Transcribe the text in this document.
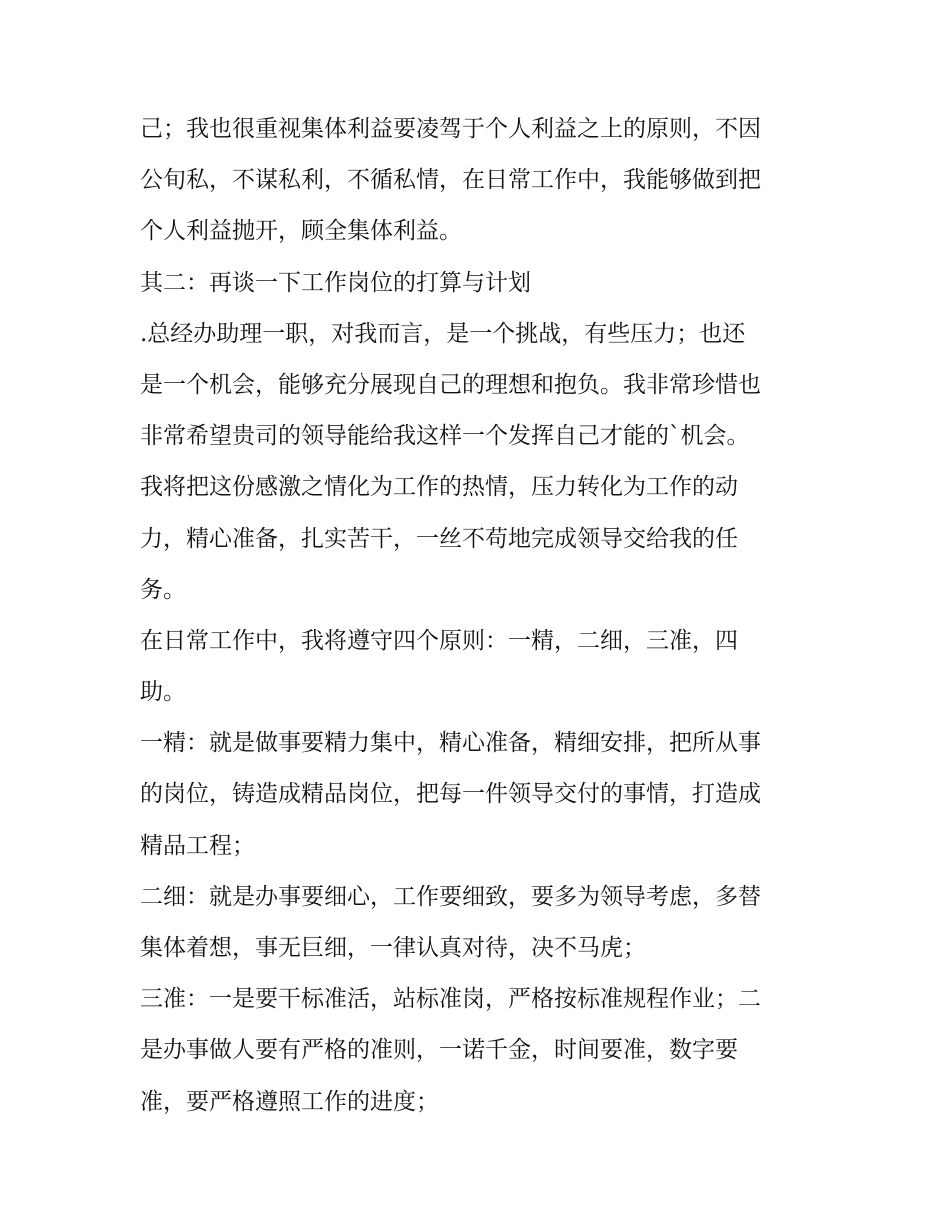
己；我也很重视集体利益要凌驾于个人利益之上的原则，不因
公旬私，不谋私利，不循私情，在日常工作中，我能够做到把
个人利益抛开，顾全集体利益。
其二：再谈一下工作岗位的打算与计划
.总经办助理一职，对我而言，是一个挑战，有些压力；也还
是一个机会，能够充分展现自己的理想和抱负。我非常珍惜也
非常希望贵司的领导能给我这样一个发挥自己才能的`机会。
我将把这份感激之情化为工作的热情，压力转化为工作的动
力，精心准备，扎实苦干，一丝不苟地完成领导交给我的任
务。
在日常工作中，我将遵守四个原则：一精，二细，三准，四
助。
一精：就是做事要精力集中，精心准备，精细安排，把所从事
的岗位，铸造成精品岗位，把每一件领导交付的事情，打造成
精品工程；
二细：就是办事要细心，工作要细致，要多为领导考虑，多替
集体着想，事无巨细，一律认真对待，决不马虎；
三准：一是要干标准活，站标准岗，严格按标准规程作业；二
是办事做人要有严格的准则，一诺千金，时间要准，数字要
准，要严格遵照工作的进度；
